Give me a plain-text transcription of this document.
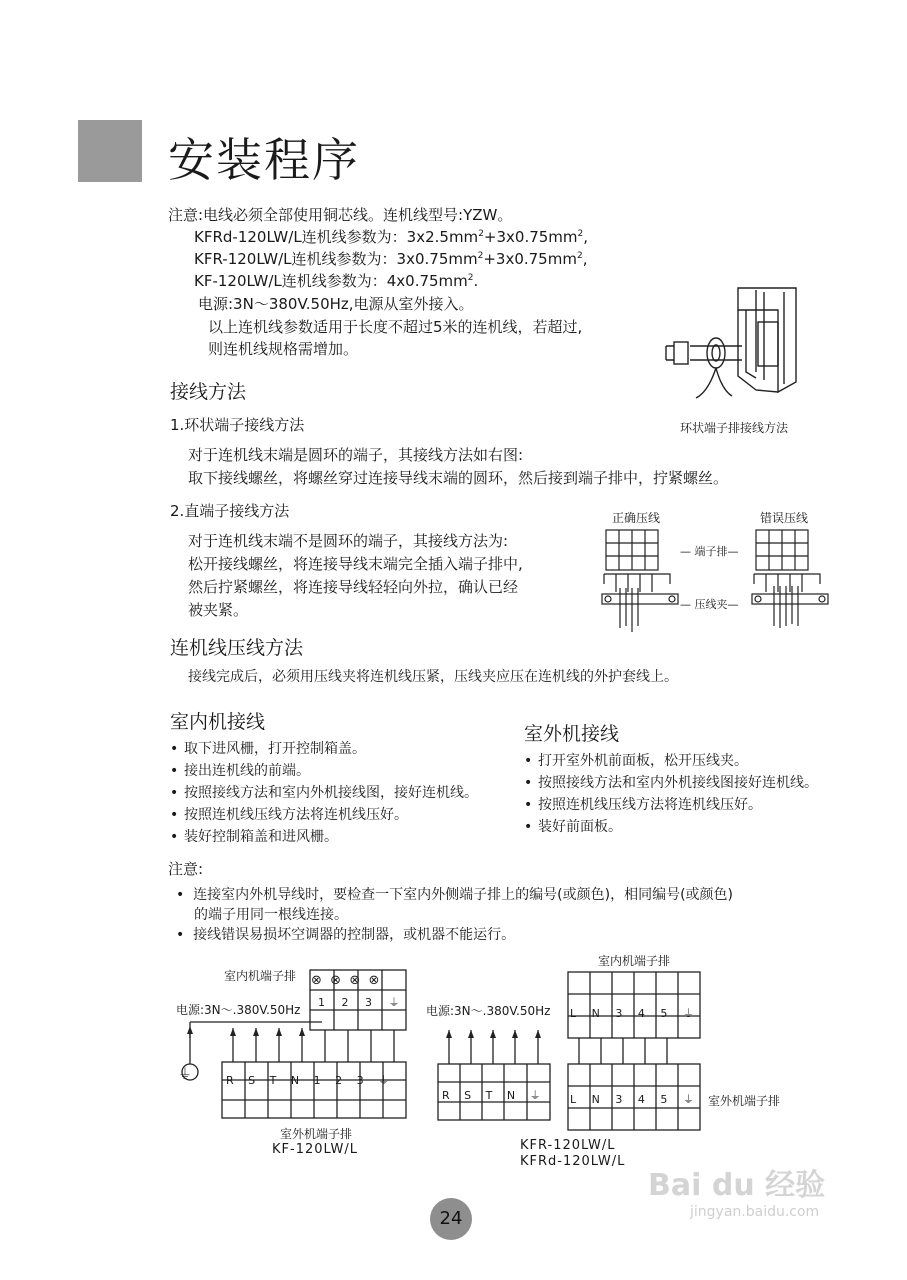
安装程序
注意:电线必须全部使用铜芯线。连机线型号:YZW。
KFRd-120LW/L连机线参数为：$3x2.5mm^2+3x0.75mm^2$,
KFR-120LW/L连机线参数为：$3x0.75mm^2+3x0.75mm^2$,
KF-120LW/L连机线参数为：$4x0.75mm^2$.
电源:3N～380V.50Hz,电源从室外接入。
以上连机线参数适用于长度不超过5米的连机线，若超过,
则连机线规格需增加。
环状端子排接线方法
接线方法
1.环状端子接线方法
对于连机线末端是圆环的端子，其接线方法如右图:
取下接线螺丝，将螺丝穿过连接导线末端的圆环，然后接到端子排中，拧紧螺丝。
2.直端子接线方法
对于连机线末端不是圆环的端子，其接线方法为:
松开接线螺丝，将连接导线末端完全插入端子排中,
然后拧紧螺丝，将连接导线轻轻向外拉，确认已经
被夹紧。
正确压线	错误压线
— 端子排—
— 压线夹—
连机线压线方法
接线完成后，必须用压线夹将连机线压紧，压线夹应压在连机线的外护套线上。
室内机接线
• 取下进风栅，打开控制箱盖。
• 接出连机线的前端。
• 按照接线方法和室内外机接线图，接好连机线。
• 按照连机线压线方法将连机线压好。
• 装好控制箱盖和进风栅。
室外机接线
• 打开室外机前面板，松开压线夹。
• 按照接线方法和室内外机接线图接好连机线。
• 按照连机线压线方法将连机线压好。
• 装好前面板。
注意:
• 连接室内外机导线时，要检查一下室内外侧端子排上的编号(或颜色)，相同编号(或颜色)
的端子用同一根线连接。
• 接线错误易损坏空调器的控制器，或机器不能运行。
室内机端子排
电源:3N～.380V.50Hz
⏚
⊗ ⊗ ⊗ ⊗
1 2 3 ⏚
R S T N 1 2 3 ⏚
室外机端子排
KF-120LW/L
室内机端子排
电源:3N～.380V.50Hz L N 3 4 5 ⏚
R S T N ⏚	L N 3 4 5 ⏚ 室外机端子排
KFR-120LW/L
KFRd-120LW/L
Bai du 经验
jingyan.baidu.com
24
